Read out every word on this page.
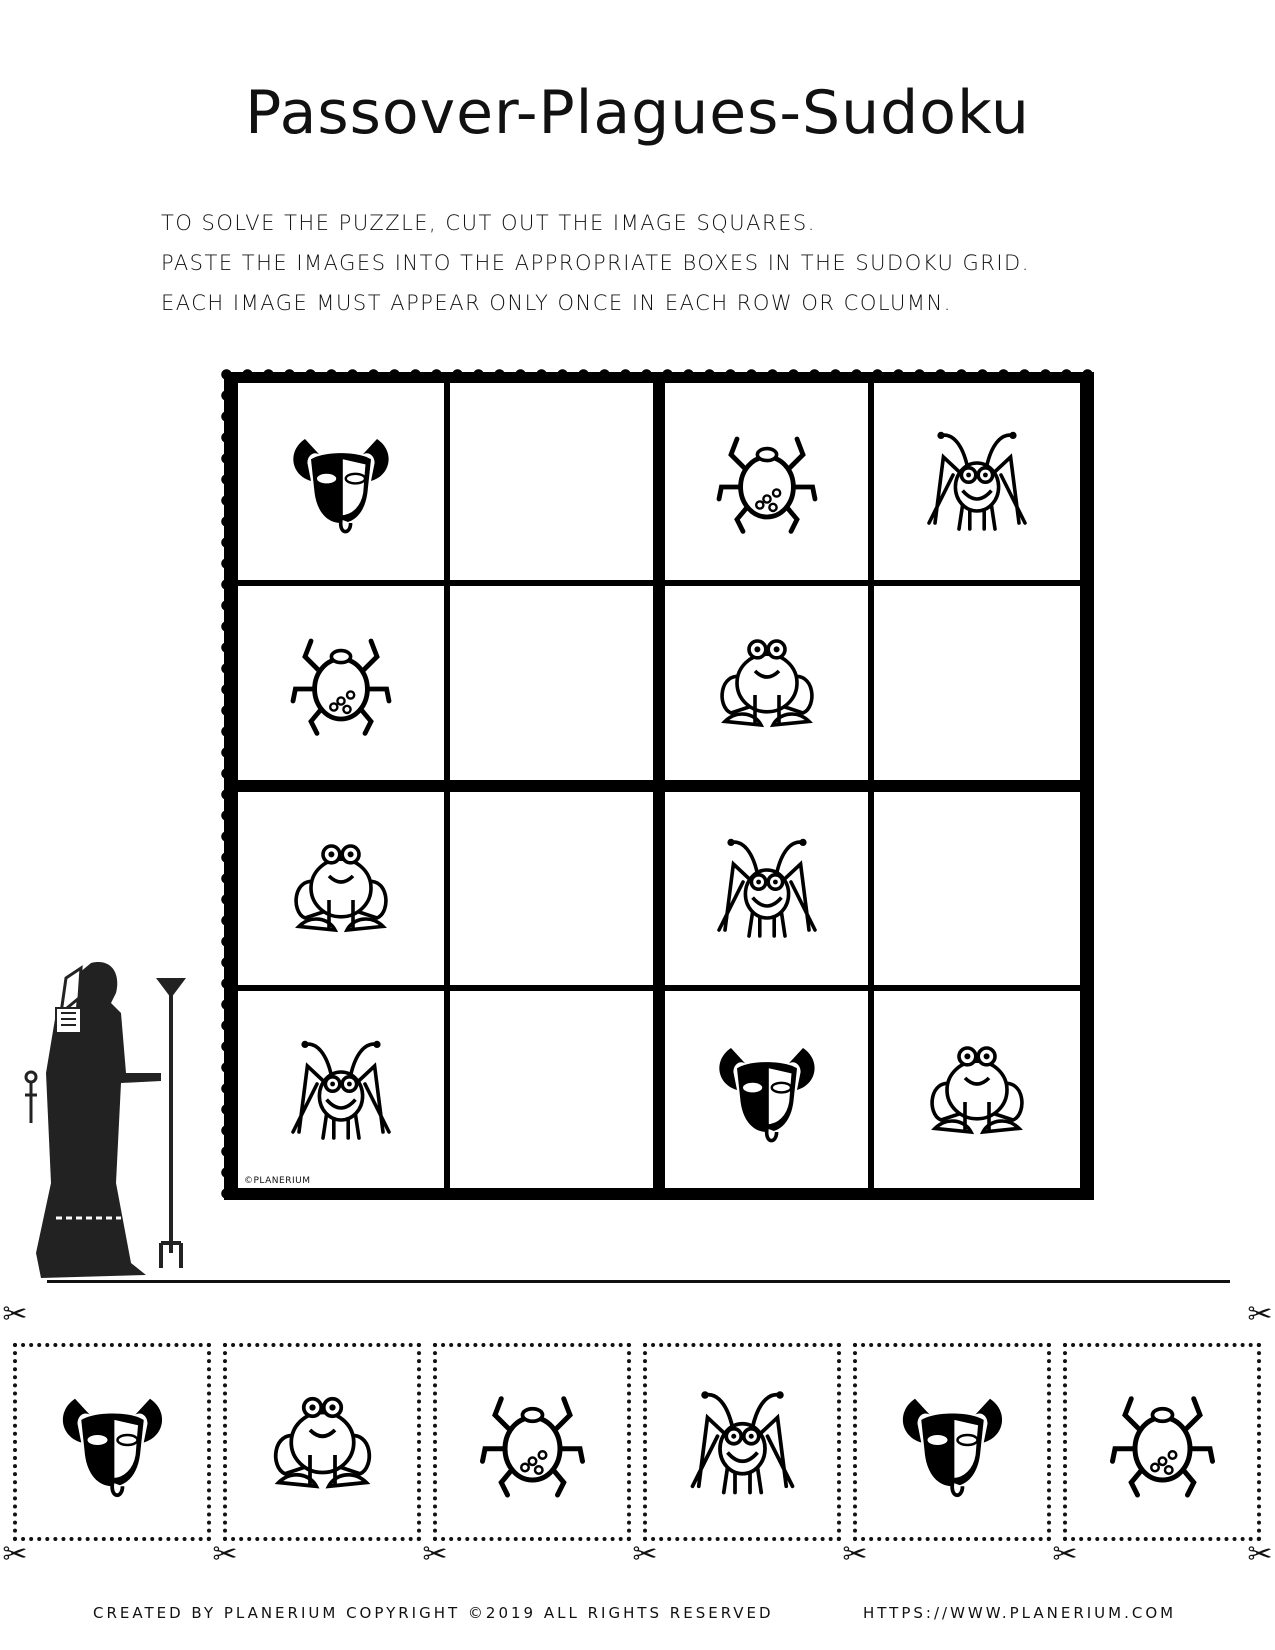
Passover-Plagues-Sudoku
TO SOLVE THE PUZZLE, CUT OUT THE IMAGE SQUARES.
PASTE THE IMAGES INTO THE APPROPRIATE BOXES IN THE SUDOKU GRID.
EACH IMAGE MUST APPEAR ONLY ONCE IN EACH ROW OR COLUMN.
©PLANERIUM
CREATED BY PLANERIUM COPYRIGHT ©2019 ALL RIGHTS RESERVED	HTTPS://WWW.PLANERIUM.COM
✂	✂
✂	✂	✂	✂	✂	✂	✂
